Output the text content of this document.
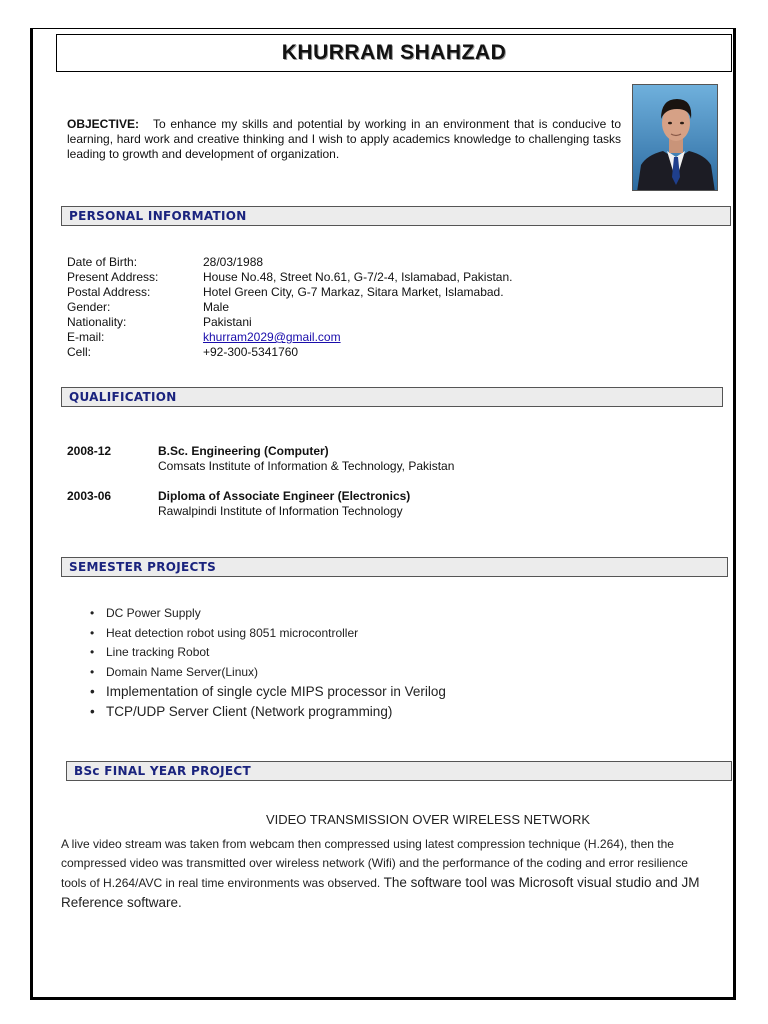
KHURRAM SHAHZAD
OBJECTIVE: To enhance my skills and potential by working in an environment that is conducive to learning, hard work and creative thinking and I wish to apply academics knowledge to challenging tasks leading to growth and development of organization.
PERSONAL INFORMATION
Date of Birth:	28/03/1988
Present Address:	House No.48, Street No.61, G-7/2-4, Islamabad, Pakistan.
Postal Address:	Hotel Green City, G-7 Markaz, Sitara Market, Islamabad.
Gender:	Male
Nationality:	Pakistani
E-mail:	khurram2029@gmail.com
Cell:	+92-300-5341760
QUALIFICATION
2008-12	B.Sc. Engineering (Computer)
Comsats Institute of Information & Technology, Pakistan
2003-06	Diploma of Associate Engineer (Electronics)
Rawalpindi Institute of Information Technology
SEMESTER PROJECTS
• DC Power Supply
• Heat detection robot using 8051 microcontroller
• Line tracking Robot
• Domain Name Server(Linux)
• Implementation of single cycle MIPS processor in Verilog
• TCP/UDP Server Client (Network programming)
BSc FINAL YEAR PROJECT
VIDEO TRANSMISSION OVER WIRELESS NETWORK
A live video stream was taken from webcam then compressed using latest compression technique (H.264), then the compressed video was transmitted over wireless network (Wifi) and the performance of the coding and error resilience tools of H.264/AVC in real time environments was observed. The software tool was Microsoft visual studio and JM Reference software.
